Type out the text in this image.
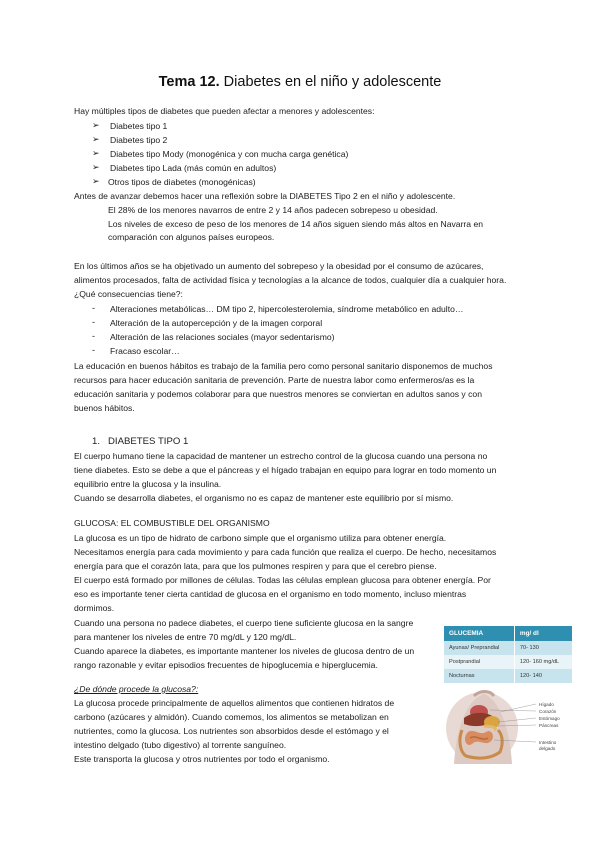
Tema 12. Diabetes en el niño y adolescente
Hay múltiples tipos de diabetes que pueden afectar a menores y adolescentes:
➢ Diabetes tipo 1
➢ Diabetes tipo 2
➢ Diabetes tipo Mody (monogénica y con mucha carga genética)
➢ Diabetes tipo Lada (más común en adultos)
➢ Otros tipos de diabetes (monogénicas)
Antes de avanzar debemos hacer una reflexión sobre la DIABETES Tipo 2 en el niño y adolescente.
El 28% de los menores navarros de entre 2 y 14 años padecen sobrepeso u obesidad.
Los niveles de exceso de peso de los menores de 14 años siguen siendo más altos en Navarra en
comparación con algunos países europeos.
En los últimos años se ha objetivado un aumento del sobrepeso y la obesidad por el consumo de azúcares,
alimentos procesados, falta de actividad física y tecnologías a la alcance de todos, cualquier día a cualquier hora.
¿Qué consecuencias tiene?:
- Alteraciones metabólicas… DM tipo 2, hipercolesterolemia, síndrome metabólico en adulto…
- Alteración de la autopercepción y de la imagen corporal
- Alteración de las relaciones sociales (mayor sedentarismo)
- Fracaso escolar…
La educación en buenos hábitos es trabajo de la familia pero como personal sanitario disponemos de muchos
recursos para hacer educación sanitaria de prevención. Parte de nuestra labor como enfermeros/as es la
educación sanitaria y podemos colaborar para que nuestros menores se conviertan en adultos sanos y con
buenos hábitos.
1. DIABETES TIPO 1
El cuerpo humano tiene la capacidad de mantener un estrecho control de la glucosa cuando una persona no
tiene diabetes. Esto se debe a que el páncreas y el hígado trabajan en equipo para lograr en todo momento un
equilibrio entre la glucosa y la insulina.
Cuando se desarrolla diabetes, el organismo no es capaz de mantener este equilibrio por sí mismo.
GLUCOSA: EL COMBUSTIBLE DEL ORGANISMO
La glucosa es un tipo de hidrato de carbono simple que el organismo utiliza para obtener energía.
Necesitamos energía para cada movimiento y para cada función que realiza el cuerpo. De hecho, necesitamos
energía para que el corazón lata, para que los pulmones respiren y para que el cerebro piense.
El cuerpo está formado por millones de células. Todas las células emplean glucosa para obtener energía. Por
eso es importante tener cierta cantidad de glucosa en el organismo en todo momento, incluso mientras
dormimos.
Cuando una persona no padece diabetes, el cuerpo tiene suficiente glucosa en la sangre
para mantener los niveles de entre 70 mg/dL y 120 mg/dL.
Cuando aparece la diabetes, es importante mantener los niveles de glucosa dentro de un
rango razonable y evitar episodios frecuentes de hipoglucemia e hiperglucemia.
¿De dónde procede la glucosa?:
La glucosa procede principalmente de aquellos alimentos que contienen hidratos de
carbono (azúcares y almidón). Cuando comemos, los alimentos se metabolizan en
nutrientes, como la glucosa. Los nutrientes son absorbidos desde el estómago y el
intestino delgado (tubo digestivo) al torrente sanguíneo.
Este transporta la glucosa y otros nutrientes por todo el organismo.
GLUCEMIA	mg/ dl
Ayunas/ Preprandial	70- 130
Postprandial	120- 160 mg/dL
Nocturnas	120- 140
Hígado
Corazón
Estómago
Páncreas
Intestino
delgado
